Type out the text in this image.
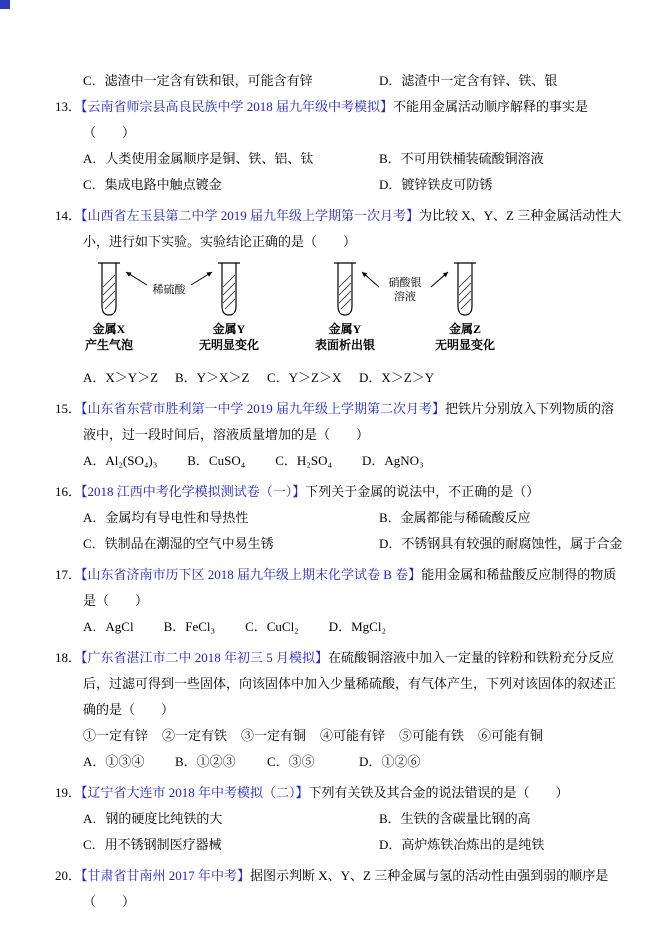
C．滤渣中一定含有铁和银，可能含有锌	D．滤渣中一定含有锌、铁、银

13．【云南省师宗县高良民族中学 2018 届九年级中考模拟】不能用金属活动顺序解释的事实是

（　　）

A．人类使用金属顺序是铜、铁、铝、钛	B．不可用铁桶装硫酸铜溶液

C．集成电路中触点镀金	D．镀锌铁皮可防锈

14．【山西省左玉县第二中学 2019 届九年级上学期第一次月考】为比较 X、Y、Z 三种金属活动性大小，进行如下实验。实验结论正确的是（　　）

稀硫酸
金属X
产生气泡
金属Y
无明显变化
硝酸银
溶液
金属Y
表面析出银
金属Z
无明显变化

A．X＞Y＞Z B．Y＞X＞Z C．Y＞Z＞X D．X＞Z＞Y

15．【山东省东营市胜利第一中学 2019 届九年级上学期第二次月考】把铁片分别放入下列物质的溶液中，过一段时间后，溶液质量增加的是（　　）

A．Al₂(SO₄)₃ B．CuSO₄ C．H₂SO₄ D．AgNO₃

16．【2018 江西中考化学模拟测试卷（一）】下列关于金属的说法中，不正确的是（）

A．金属均有导电性和导热性	B．金属都能与稀硫酸反应

C．铁制品在潮湿的空气中易生锈	D．不锈钢具有较强的耐腐蚀性，属于合金

17．【山东省济南市历下区 2018 届九年级上期末化学试卷 B 卷】能用金属和稀盐酸反应制得的物质是（　　）

A．AgCl B．FeCl₃ C．CuCl₂ D．MgCl₂

18．【广东省湛江市二中 2018 年初三 5 月模拟】在硫酸铜溶液中加入一定量的锌粉和铁粉充分反应后，过滤可得到一些固体，向该固体中加入少量稀硫酸，有气体产生，下列对该固体的叙述正确的是（　　）

①一定有锌 ②一定有铁 ③一定有铜 ④可能有锌 ⑤可能有铁 ⑥可能有铜

A．①③④ B．①②③ C．③⑤	D．①②⑥

19．【辽宁省大连市 2018 年中考模拟（二）】下列有关铁及其合金的说法错误的是（　　）

A．钢的硬度比纯铁的大	B．生铁的含碳量比钢的高

C．用不锈钢制医疗器械	D．高炉炼铁冶炼出的是纯铁

20．【甘肃省甘南州 2017 年中考】据图示判断 X、Y、Z 三种金属与氢的活动性由强到弱的顺序是（　　）
